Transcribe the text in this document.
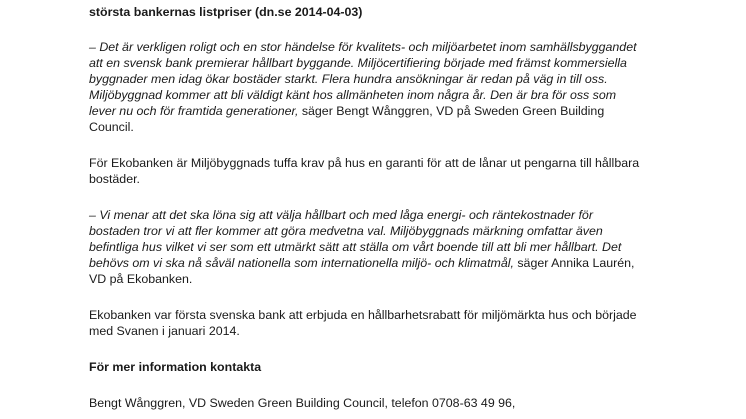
största bankernas listpriser (dn.se 2014-04-03)

– Det är verkligen roligt och en stor händelse för kvalitets- och miljöarbetet inom samhällsbyggandet

att en svensk bank premierar hållbart byggande. Miljöcertifiering började med främst kommersiella

byggnader men idag ökar bostäder starkt. Flera hundra ansökningar är redan på väg in till oss.

Miljöbyggnad kommer att bli väldigt känt hos allmänheten inom några år. Den är bra för oss som

lever nu och för framtida generationer, säger Bengt Wånggren, VD på Sweden Green Building

Council.

För Ekobanken är Miljöbyggnads tuffa krav på hus en garanti för att de lånar ut pengarna till hållbara

bostäder.

– Vi menar att det ska löna sig att välja hållbart och med låga energi- och räntekostnader för

bostaden tror vi att fler kommer att göra medvetna val. Miljöbyggnads märkning omfattar även

befintliga hus vilket vi ser som ett utmärkt sätt att ställa om vårt boende till att bli mer hållbart. Det

behövs om vi ska nå såväl nationella som internationella miljö- och klimatmål, säger Annika Laurén,

VD på Ekobanken.

Ekobanken var första svenska bank att erbjuda en hållbarhetsrabatt för miljömärkta hus och började

med Svanen i januari 2014.

För mer information kontakta

Bengt Wånggren, VD Sweden Green Building Council, telefon 0708-63 49 96,
